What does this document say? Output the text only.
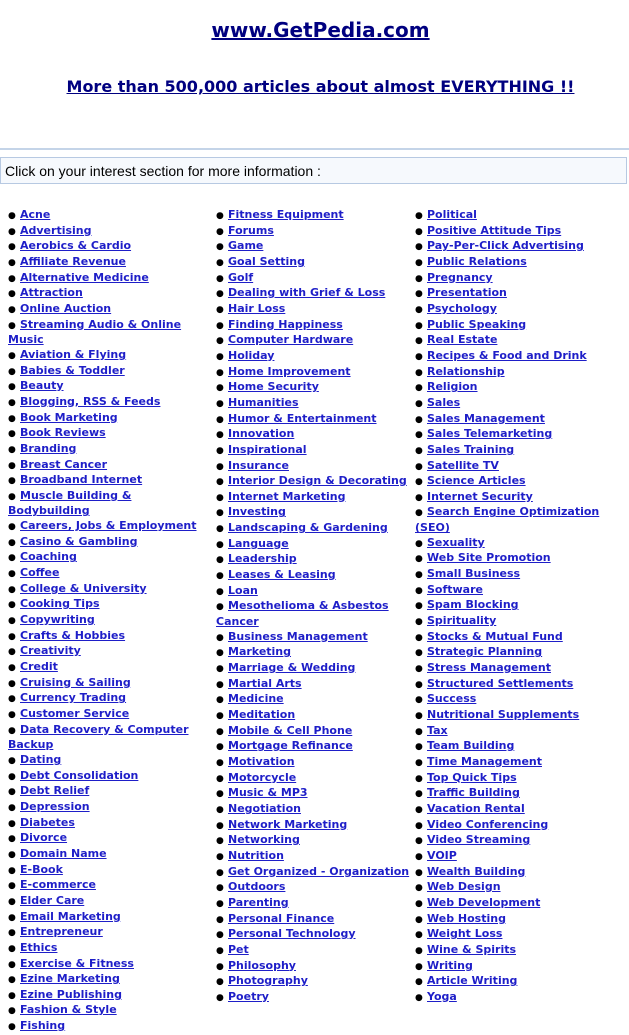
www.GetPedia.com
More than 500,000 articles about almost EVERYTHING !!
Click on your interest section for more information :
● Acne
● Advertising
● Aerobics & Cardio
● Affiliate Revenue
● Alternative Medicine
● Attraction
● Online Auction
● Streaming Audio & Online Music
● Aviation & Flying
● Babies & Toddler
● Beauty
● Blogging, RSS & Feeds
● Book Marketing
● Book Reviews
● Branding
● Breast Cancer
● Broadband Internet
● Muscle Building & Bodybuilding
● Careers, Jobs & Employment
● Casino & Gambling
● Coaching
● Coffee
● College & University
● Cooking Tips
● Copywriting
● Crafts & Hobbies
● Creativity
● Credit
● Cruising & Sailing
● Currency Trading
● Customer Service
● Data Recovery & Computer Backup
● Dating
● Debt Consolidation
● Debt Relief
● Depression
● Diabetes
● Divorce
● Domain Name
● E-Book
● E-commerce
● Elder Care
● Email Marketing
● Entrepreneur
● Ethics
● Exercise & Fitness
● Ezine Marketing
● Ezine Publishing
● Fashion & Style
● Fishing
● Fitness Equipment
● Forums
● Game
● Goal Setting
● Golf
● Dealing with Grief & Loss
● Hair Loss
● Finding Happiness
● Computer Hardware
● Holiday
● Home Improvement
● Home Security
● Humanities
● Humor & Entertainment
● Innovation
● Inspirational
● Insurance
● Interior Design & Decorating
● Internet Marketing
● Investing
● Landscaping & Gardening
● Language
● Leadership
● Leases & Leasing
● Loan
● Mesothelioma & Asbestos Cancer
● Business Management
● Marketing
● Marriage & Wedding
● Martial Arts
● Medicine
● Meditation
● Mobile & Cell Phone
● Mortgage Refinance
● Motivation
● Motorcycle
● Music & MP3
● Negotiation
● Network Marketing
● Networking
● Nutrition
● Get Organized - Organization
● Outdoors
● Parenting
● Personal Finance
● Personal Technology
● Pet
● Philosophy
● Photography
● Poetry
● Political
● Positive Attitude Tips
● Pay-Per-Click Advertising
● Public Relations
● Pregnancy
● Presentation
● Psychology
● Public Speaking
● Real Estate
● Recipes & Food and Drink
● Relationship
● Religion
● Sales
● Sales Management
● Sales Telemarketing
● Sales Training
● Satellite TV
● Science Articles
● Internet Security
● Search Engine Optimization (SEO)
● Sexuality
● Web Site Promotion
● Small Business
● Software
● Spam Blocking
● Spirituality
● Stocks & Mutual Fund
● Strategic Planning
● Stress Management
● Structured Settlements
● Success
● Nutritional Supplements
● Tax
● Team Building
● Time Management
● Top Quick Tips
● Traffic Building
● Vacation Rental
● Video Conferencing
● Video Streaming
● VOIP
● Wealth Building
● Web Design
● Web Development
● Web Hosting
● Weight Loss
● Wine & Spirits
● Writing
● Article Writing
● Yoga
